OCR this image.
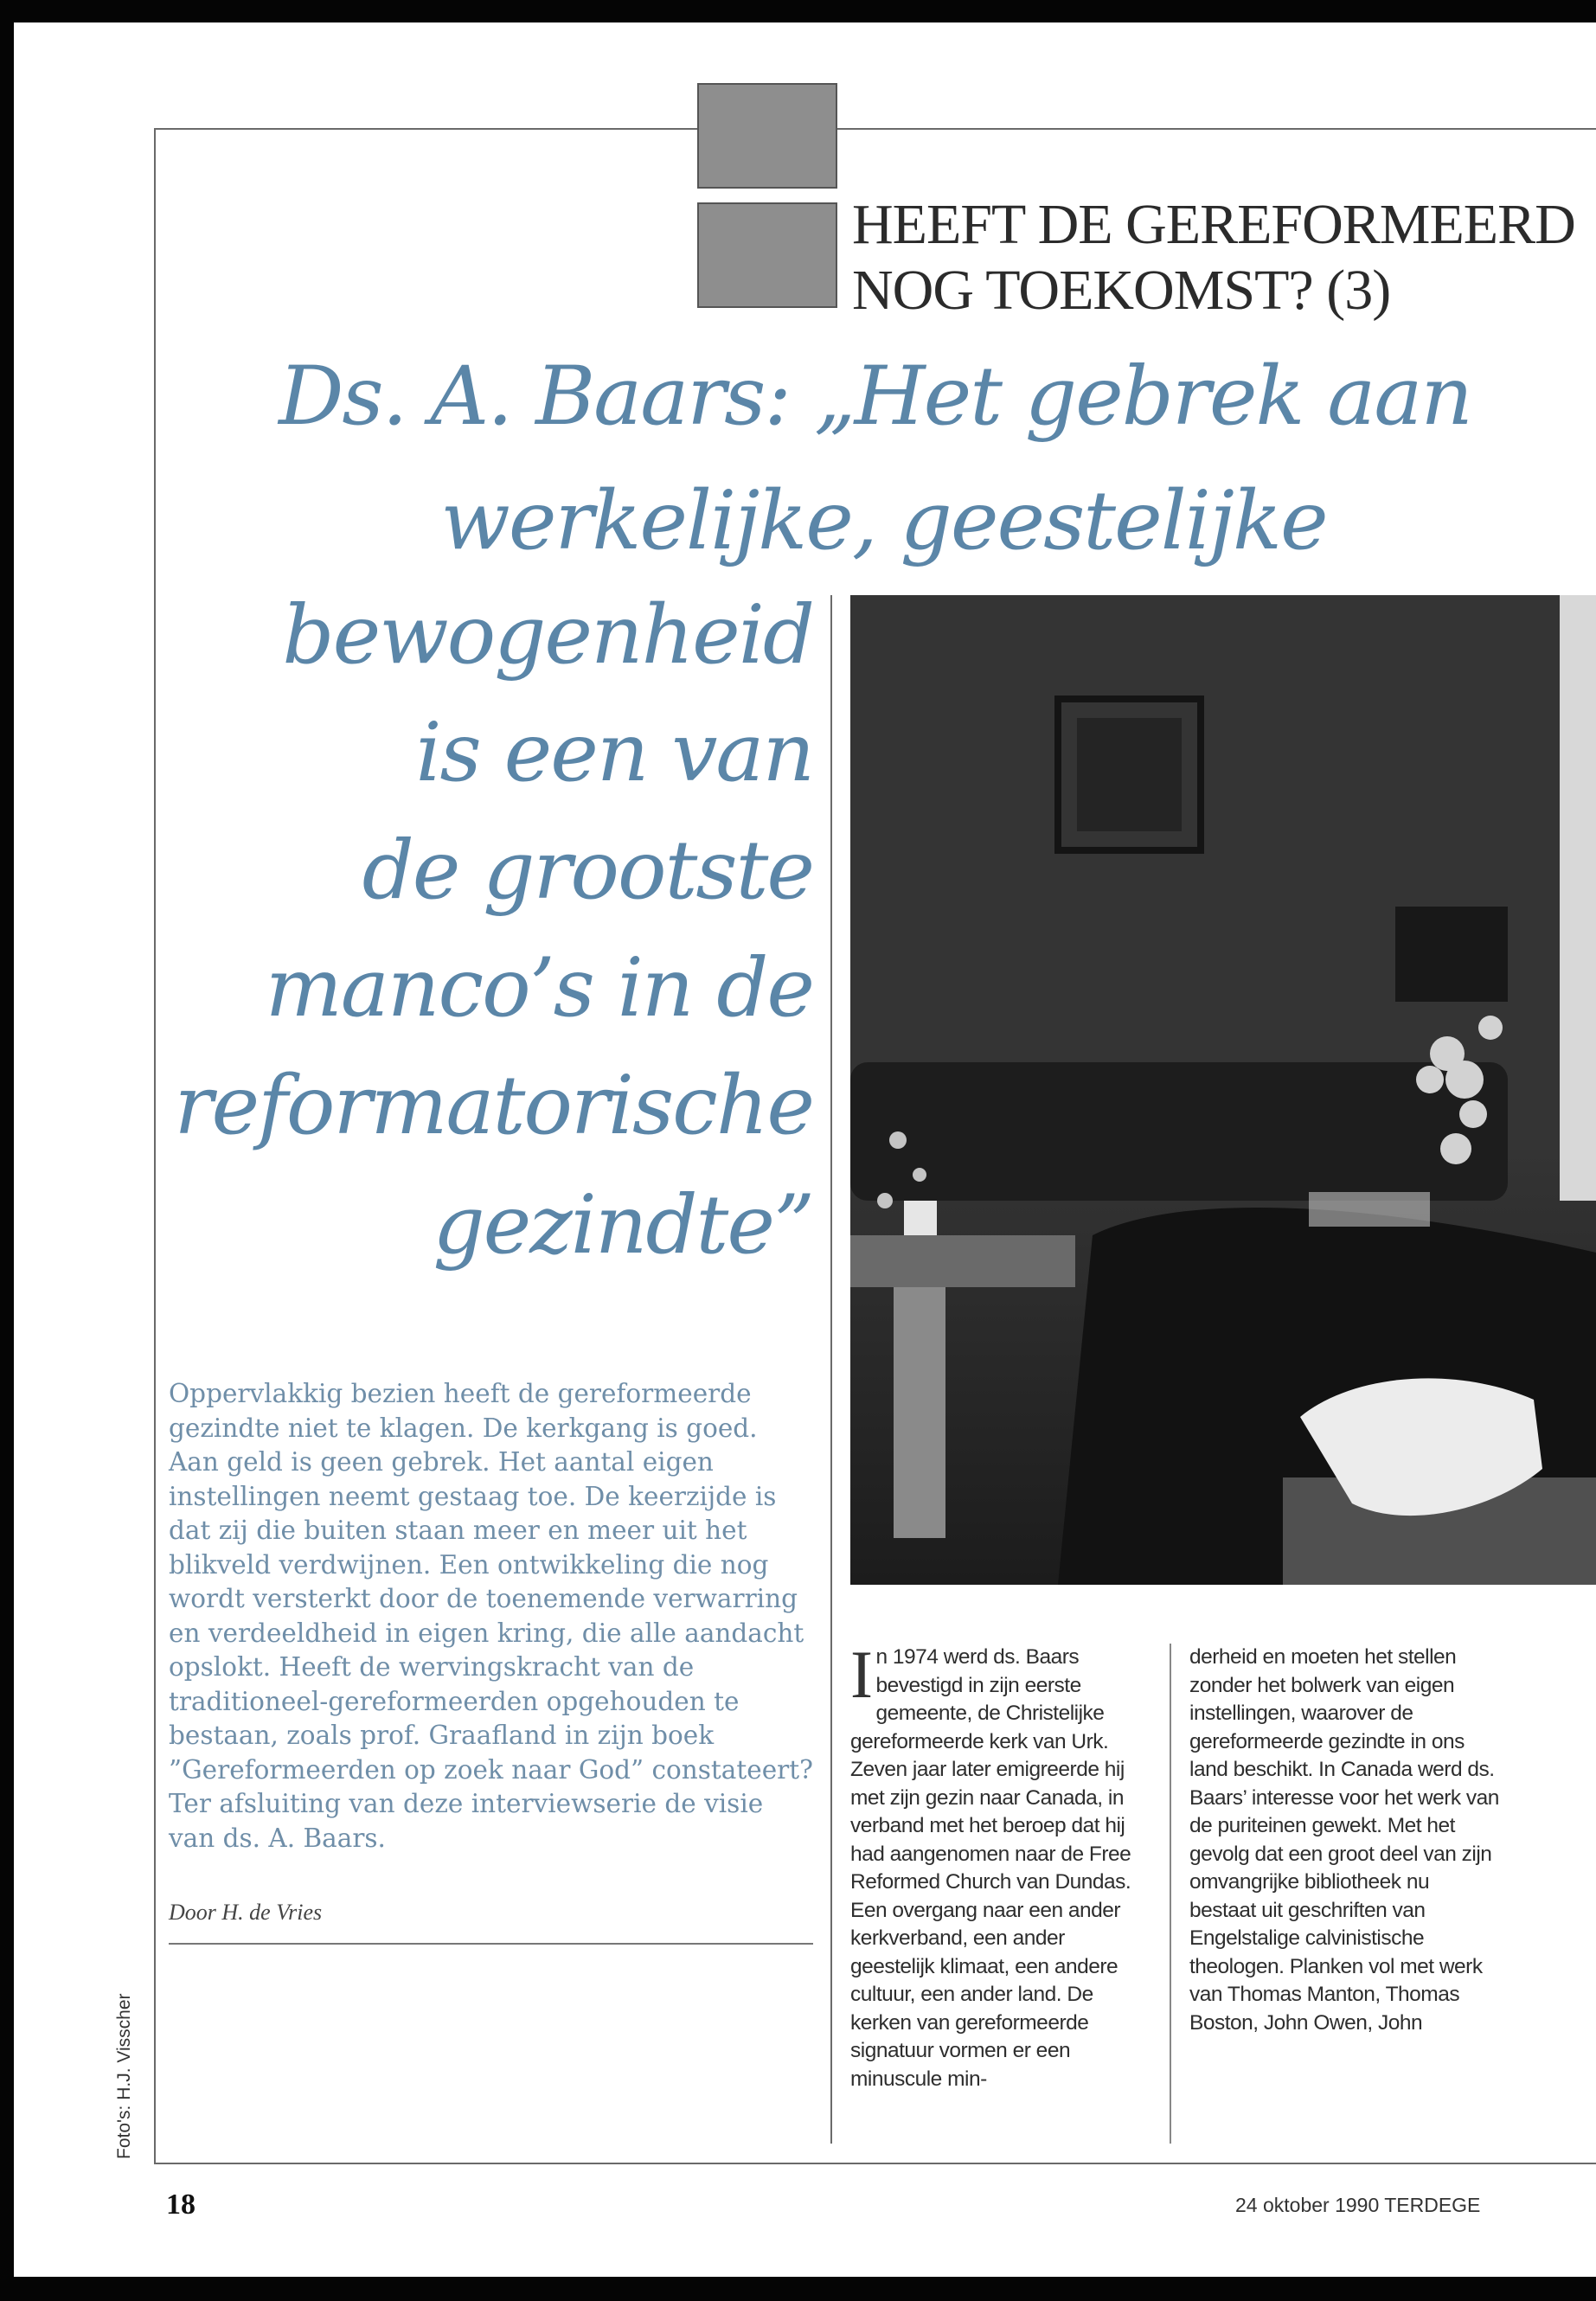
HEEFT DE GEREFORMEERD
NOG TOEKOMST? (3)
Ds. A. Baars: „Het gebrek aan
werkelijke, geestelijke
bewogenheid
is een van
de grootste
manco’s in de
reformatorische
gezindte”
Oppervlakkig bezien heeft de gereformeerde gezindte niet te klagen. De kerkgang is goed. Aan geld is geen gebrek. Het aantal eigen instellingen neemt gestaag toe. De keerzijde is dat zij die buiten staan meer en meer uit het blikveld verdwijnen. Een ontwikkeling die nog wordt versterkt door de toenemende verwarring en verdeeldheid in eigen kring, die alle aandacht opslokt. Heeft de wervingskracht van de traditioneel-gereformeerden opgehouden te bestaan, zoals prof. Graafland in zijn boek ”Gereformeerden op zoek naar God” constateert? Ter afsluiting van deze interviewserie de visie van ds. A. Baars.
Door H. de Vries
In 1974 werd ds. Baars bevestigd in zijn eerste gemeente, de Christelijke gereformeerde kerk van Urk. Zeven jaar later emigreerde hij met zijn gezin naar Canada, in verband met het beroep dat hij had aangenomen naar de Free Reformed Church van Dundas. Een overgang naar een ander kerkverband, een ander geestelijk klimaat, een andere cultuur, een ander land. De kerken van gereformeerde signatuur vormen er een minuscule min-
derheid en moeten het stellen zonder het bolwerk van eigen instellingen, waarover de gereformeerde gezindte in ons land beschikt. In Canada werd ds. Baars’ interesse voor het werk van de puriteinen gewekt. Met het gevolg dat een groot deel van zijn omvangrijke bibliotheek nu bestaat uit geschriften van Engelstalige calvinistische theologen. Planken vol met werk van Thomas Manton, Thomas Boston, John Owen, John
Foto's: H.J. Visscher
18	24 oktober 1990 TERDEGE
